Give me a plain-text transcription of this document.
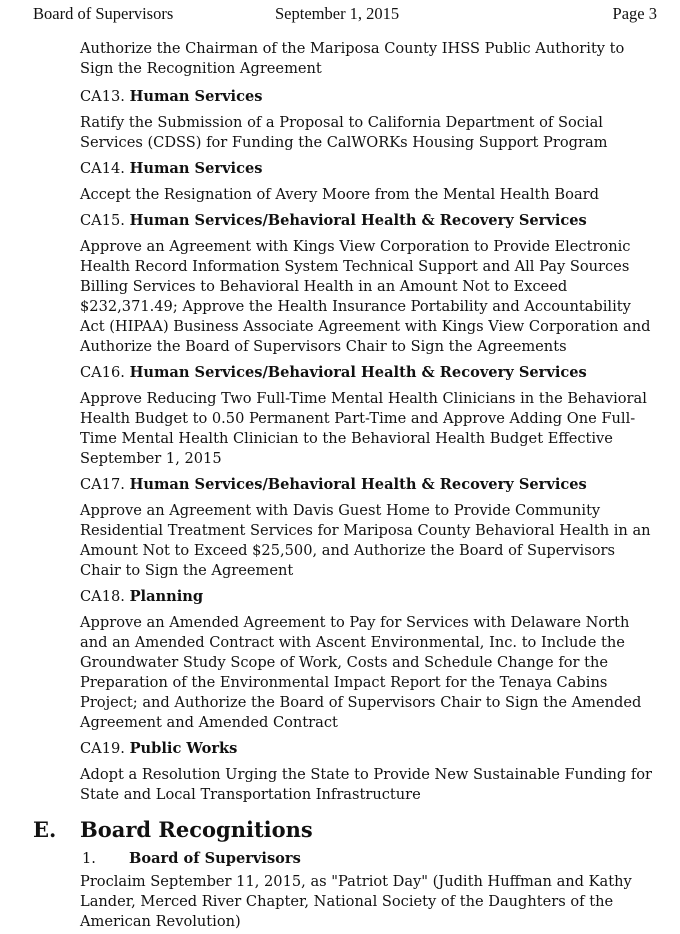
Board of Supervisors	September 1, 2015	Page 3

Authorize the Chairman of the Mariposa County IHSS Public Authority to Sign the Recognition Agreement

CA13. Human Services

Ratify the Submission of a Proposal to California Department of Social Services (CDSS) for Funding the CalWORKs Housing Support Program

CA14. Human Services

Accept the Resignation of Avery Moore from the Mental Health Board

CA15. Human Services/Behavioral Health & Recovery Services

Approve an Agreement with Kings View Corporation to Provide Electronic Health Record Information System Technical Support and All Pay Sources Billing Services to Behavioral Health in an Amount Not to Exceed $232,371.49; Approve the Health Insurance Portability and Accountability Act (HIPAA) Business Associate Agreement with Kings View Corporation and Authorize the Board of Supervisors Chair to Sign the Agreements

CA16. Human Services/Behavioral Health & Recovery Services

Approve Reducing Two Full-Time Mental Health Clinicians in the Behavioral Health Budget to 0.50 Permanent Part-Time and Approve Adding One Full-Time Mental Health Clinician to the Behavioral Health Budget Effective September 1, 2015

CA17. Human Services/Behavioral Health & Recovery Services

Approve an Agreement with Davis Guest Home to Provide Community Residential Treatment Services for Mariposa County Behavioral Health in an Amount Not to Exceed $25,500, and Authorize the Board of Supervisors Chair to Sign the Agreement

CA18. Planning

Approve an Amended Agreement to Pay for Services with Delaware North and an Amended Contract with Ascent Environmental, Inc. to Include the Groundwater Study Scope of Work, Costs and Schedule Change for the Preparation of the Environmental Impact Report for the Tenaya Cabins Project; and Authorize the Board of Supervisors Chair to Sign the Amended Agreement and Amended Contract

CA19. Public Works

Adopt a Resolution Urging the State to Provide New Sustainable Funding for State and Local Transportation Infrastructure

E. Board Recognitions
1. Board of Supervisors

Proclaim September 11, 2015, as "Patriot Day" (Judith Huffman and Kathy Lander, Merced River Chapter, National Society of the Daughters of the American Revolution)
